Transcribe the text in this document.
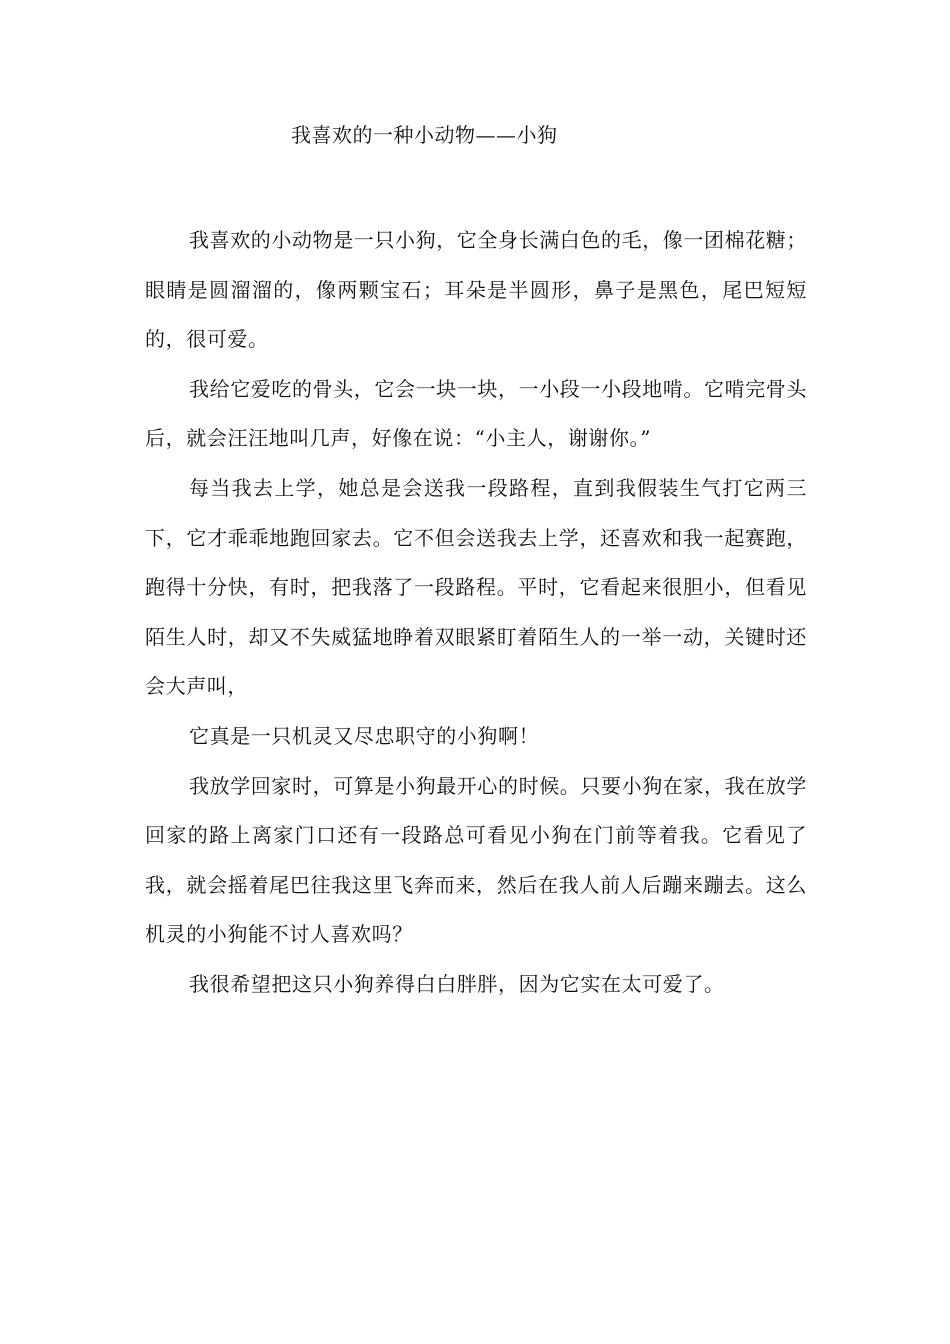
我喜欢的一种小动物——小狗

我喜欢的小动物是一只小狗，它全身长满白色的毛，像一团棉花糖；眼睛是圆溜溜的，像两颗宝石；耳朵是半圆形，鼻子是黑色，尾巴短短的，很可爱。

我给它爱吃的骨头，它会一块一块，一小段一小段地啃。它啃完骨头后，就会汪汪地叫几声，好像在说：“小主人，谢谢你。”

每当我去上学，她总是会送我一段路程，直到我假装生气打它两三下，它才乖乖地跑回家去。它不但会送我去上学，还喜欢和我一起赛跑，跑得十分快，有时，把我落了一段路程。平时，它看起来很胆小，但看见陌生人时，却又不失威猛地睁着双眼紧盯着陌生人的一举一动，关键时还会大声叫，

它真是一只机灵又尽忠职守的小狗啊！

我放学回家时，可算是小狗最开心的时候。只要小狗在家，我在放学回家的路上离家门口还有一段路总可看见小狗在门前等着我。它看见了我，就会摇着尾巴往我这里飞奔而来，然后在我人前人后蹦来蹦去。这么机灵的小狗能不讨人喜欢吗？

我很希望把这只小狗养得白白胖胖，因为它实在太可爱了。
